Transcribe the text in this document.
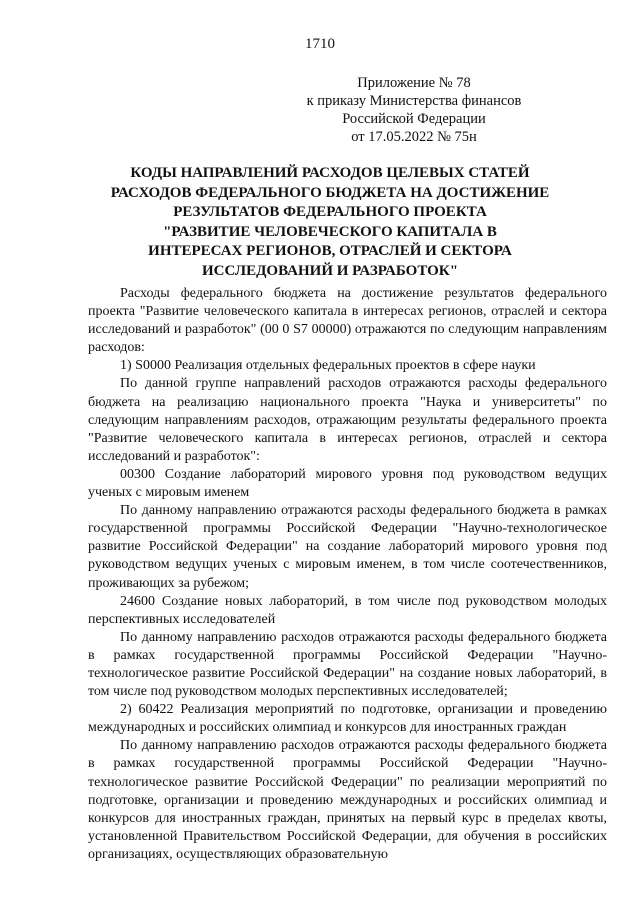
1710
Приложение № 78
к приказу Министерства финансов
Российской Федерации
от 17.05.2022 № 75н
КОДЫ НАПРАВЛЕНИЙ РАСХОДОВ ЦЕЛЕВЫХ СТАТЕЙ
РАСХОДОВ ФЕДЕРАЛЬНОГО БЮДЖЕТА НА ДОСТИЖЕНИЕ
РЕЗУЛЬТАТОВ ФЕДЕРАЛЬНОГО ПРОЕКТА
"РАЗВИТИЕ ЧЕЛОВЕЧЕСКОГО КАПИТАЛА В
ИНТЕРЕСАХ РЕГИОНОВ, ОТРАСЛЕЙ И СЕКТОРА
ИССЛЕДОВАНИЙ И РАЗРАБОТОК"

Расходы федерального бюджета на достижение результатов федерального проекта "Развитие человеческого капитала в интересах регионов, отраслей и сектора исследований и разработок" (00 0 S7 00000) отражаются по следующим направлениям расходов:

1) S0000 Реализация отдельных федеральных проектов в сфере науки

По данной группе направлений расходов отражаются расходы федерального бюджета на реализацию национального проекта "Наука и университеты" по следующим направлениям расходов, отражающим результаты федерального проекта "Развитие человеческого капитала в интересах регионов, отраслей и сектора исследований и разработок":

00300 Создание лабораторий мирового уровня под руководством ведущих ученых с мировым именем

По данному направлению отражаются расходы федерального бюджета в рамках государственной программы Российской Федерации "Научно-технологическое развитие Российской Федерации" на создание лабораторий мирового уровня под руководством ведущих ученых с мировым именем, в том числе соотечественников, проживающих за рубежом;

24600 Создание новых лабораторий, в том числе под руководством молодых перспективных исследователей

По данному направлению расходов отражаются расходы федерального бюджета в рамках государственной программы Российской Федерации "Научно-технологическое развитие Российской Федерации" на создание новых лабораторий, в том числе под руководством молодых перспективных исследователей;

2) 60422 Реализация мероприятий по подготовке, организации и проведению международных и российских олимпиад и конкурсов для иностранных граждан

По данному направлению расходов отражаются расходы федерального бюджета в рамках государственной программы Российской Федерации "Научно-технологическое развитие Российской Федерации" по реализации мероприятий по подготовке, организации и проведению международных и российских олимпиад и конкурсов для иностранных граждан, принятых на первый курс в пределах квоты, установленной Правительством Российской Федерации, для обучения в российских организациях, осуществляющих образовательную
